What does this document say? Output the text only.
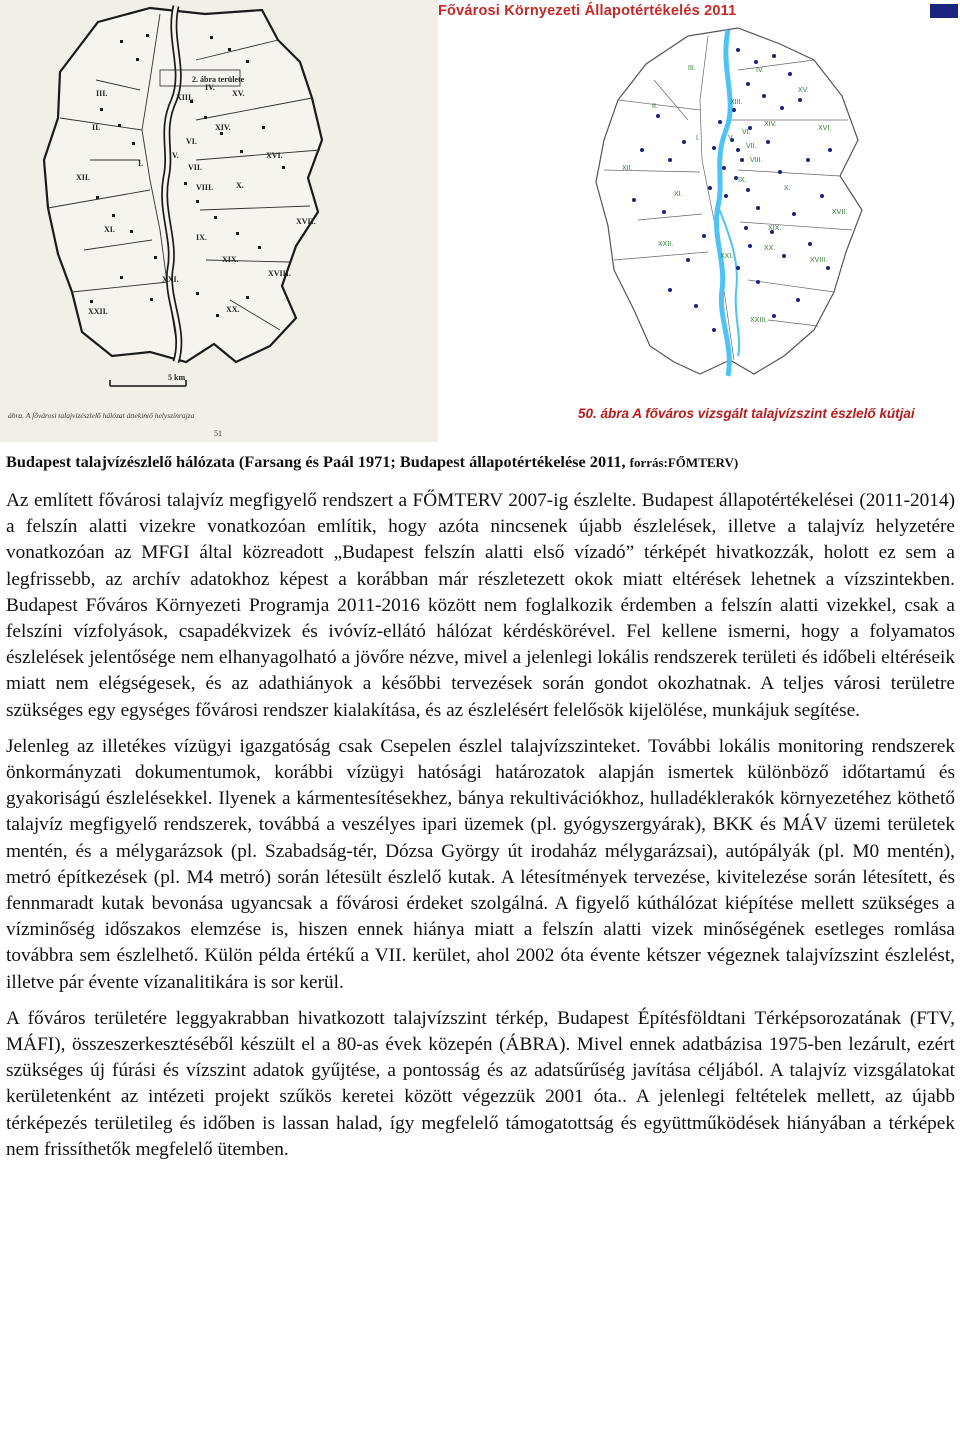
2. ábra területe
IV.
III.
II.
XIII.	XV.
XIV.
XVI.
XII.
I.
V.
VI.
VII.
VIII.	X.
XVII.
XI.
IX.
XIX.
XVIII.
XXI.
XXII.	XX.
5 km
ábra. A fővárosi talajvízészlelő hálózat áttekintő helyszínrajza
51
Fővárosi Környezeti Állapotértékelés 2011
IV.
III.
XV.
II.
XIII.
XIV.
XVI.
I.	V.
VI.
VII.
VIII.
XII.
X.
IX.
XI.
XVII.
XIX.
XVIII.
XXII.
XX.
XXI.
XXIII.
50. ábra A főváros vizsgált talajvízszint észlelő kútjai
Budapest talajvízészlelő hálózata (Farsang és Paál 1971; Budapest állapotértékelése 2011, forrás:FŐMTERV)

Az említett fővárosi talajvíz megfigyelő rendszert a FŐMTERV 2007-ig észlelte. Budapest állapotértékelései (2011-2014) a felszín alatti vizekre vonatkozóan említik, hogy azóta nincsenek újabb észlelések, illetve a talajvíz helyzetére vonatkozóan az MFGI által közreadott „Budapest felszín alatti első vízadó” térképét hivatkozzák, holott ez sem a legfrissebb, az archív adatokhoz képest a korábban már részletezett okok miatt eltérések lehetnek a vízszintekben. Budapest Főváros Környezeti Programja 2011-2016 között nem foglalkozik érdemben a felszín alatti vizekkel, csak a felszíni vízfolyások, csapadékvizek és ivóvíz-ellátó hálózat kérdéskörével. Fel kellene ismerni, hogy a folyamatos észlelések jelentősége nem elhanyagolható a jövőre nézve, mivel a jelenlegi lokális rendszerek területi és időbeli eltéréseik miatt nem elégségesek, és az adathiányok a későbbi tervezések során gondot okozhatnak. A teljes városi területre szükséges egy egységes fővárosi rendszer kialakítása, és az észlelésért felelősök kijelölése, munkájuk segítése.

Jelenleg az illetékes vízügyi igazgatóság csak Csepelen észlel talajvízszinteket. További lokális monitoring rendszerek önkormányzati dokumentumok, korábbi vízügyi hatósági határozatok alapján ismertek különböző időtartamú és gyakoriságú észlelésekkel. Ilyenek a kármentesítésekhez, bánya rekultivációkhoz, hulladéklerakók környezetéhez köthető talajvíz megfigyelő rendszerek, továbbá a veszélyes ipari üzemek (pl. gyógyszergyárak), BKK és MÁV üzemi területek mentén, és a mélygarázsok (pl. Szabadság-tér, Dózsa György út irodaház mélygarázsai), autópályák (pl. M0 mentén), metró építkezések (pl. M4 metró) során létesült észlelő kutak. A létesítmények tervezése, kivitelezése során létesített, és fennmaradt kutak bevonása ugyancsak a fővárosi érdeket szolgálná. A figyelő kúthálózat kiépítése mellett szükséges a vízminőség időszakos elemzése is, hiszen ennek hiánya miatt a felszín alatti vizek minőségének esetleges romlása továbbra sem észlelhető. Külön példa értékű a VII. kerület, ahol 2002 óta évente kétszer végeznek talajvízszint észlelést, illetve pár évente vízanalitikára is sor kerül.

A főváros területére leggyakrabban hivatkozott talajvízszint térkép, Budapest Építésföldtani Térképsorozatának (FTV, MÁFI), összeszerkesztéséből készült el a 80-as évek közepén (ÁBRA). Mivel ennek adatbázisa 1975-ben lezárult, ezért szükséges új fúrási és vízszint adatok gyűjtése, a pontosság és az adatsűrűség javítása céljából. A talajvíz vizsgálatokat kerületenként az intézeti projekt szűkös keretei között végezzük 2001 óta.. A jelenlegi feltételek mellett, az újabb térképezés területileg és időben is lassan halad, így megfelelő támogatottság és együttműködések hiányában a térképek nem frissíthetők megfelelő ütemben.
